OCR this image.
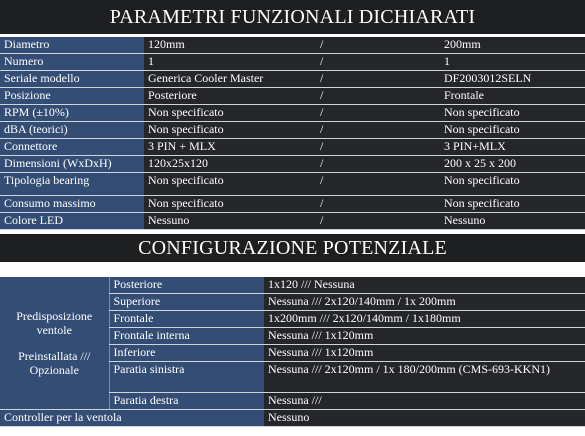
PARAMETRI FUNZIONALI DICHIARATI
Diametro	120mm	/	200mm
Numero	1	/	1
Seriale modello	Generica Cooler Master	/	DF2003012SELN
Posizione	Posteriore	/	Frontale
RPM (±10%)	Non specificato	/	Non specificato
dBA (teorici)	Non specificato	/	Non specificato
Connettore	3 PIN + MLX	/	3 PIN+MLX
Dimensioni (WxDxH)	120x25x120	/	200 x 25 x 200
Tipologia bearing	Non specificato	/	Non specificato
Consumo massimo	Non specificato	/	Non specificato
Colore LED	Nessuno	/	Nessuno
CONFIGURAZIONE POTENZIALE
Predisposizione ventole
Preinstallata /// Opzionale	Posteriore	1x120 /// Nessuna
	Superiore	Nessuna /// 2x120/140mm / 1x 200mm
	Frontale	1x200mm /// 2x120/140mm / 1x180mm
	Frontale interna	Nessuna /// 1x120mm
	Inferiore	Nessuna /// 1x120mm
	Paratia sinistra	Nessuna /// 2x120mm / 1x 180/200mm (CMS-693-KKN1)
	Paratia destra	Nessuna ///
Controller per la ventola		Nessuno
